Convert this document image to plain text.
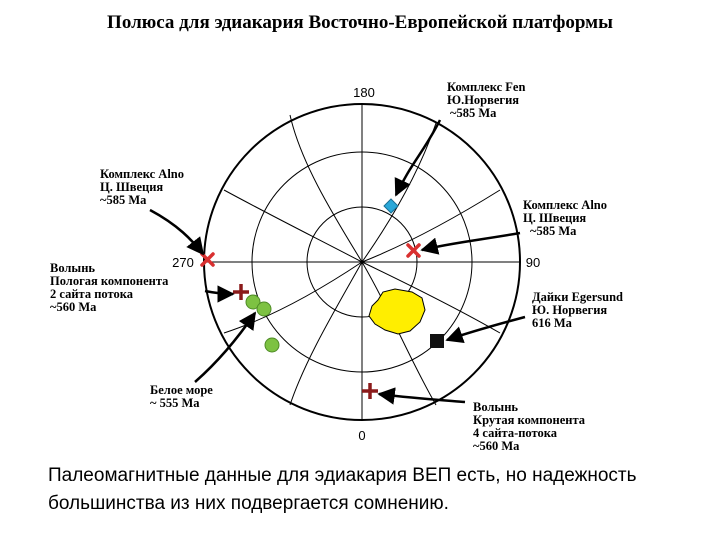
Полюса для эдиакария Восточно-Европейской платформы
180
0
270	90
Комплекс Fen Ю.Норвегия ~585 Ма
Комплекс Alno Ц. Швеция ~585 Ма	Комплекс Alno Ц. Швеция ~585 Ма
Волынь Пологая компонента 2 сайта потока ~560 Ма
Дайки Egersund Ю. Норвегия 616 Ма
Белое море ~ 555 Ма	Волынь Крутая компонента 4 сайта-потока ~560 Ма
Палеомагнитные данные для эдиакария ВЕП есть, но надежность большинства из них подвергается сомнению.
